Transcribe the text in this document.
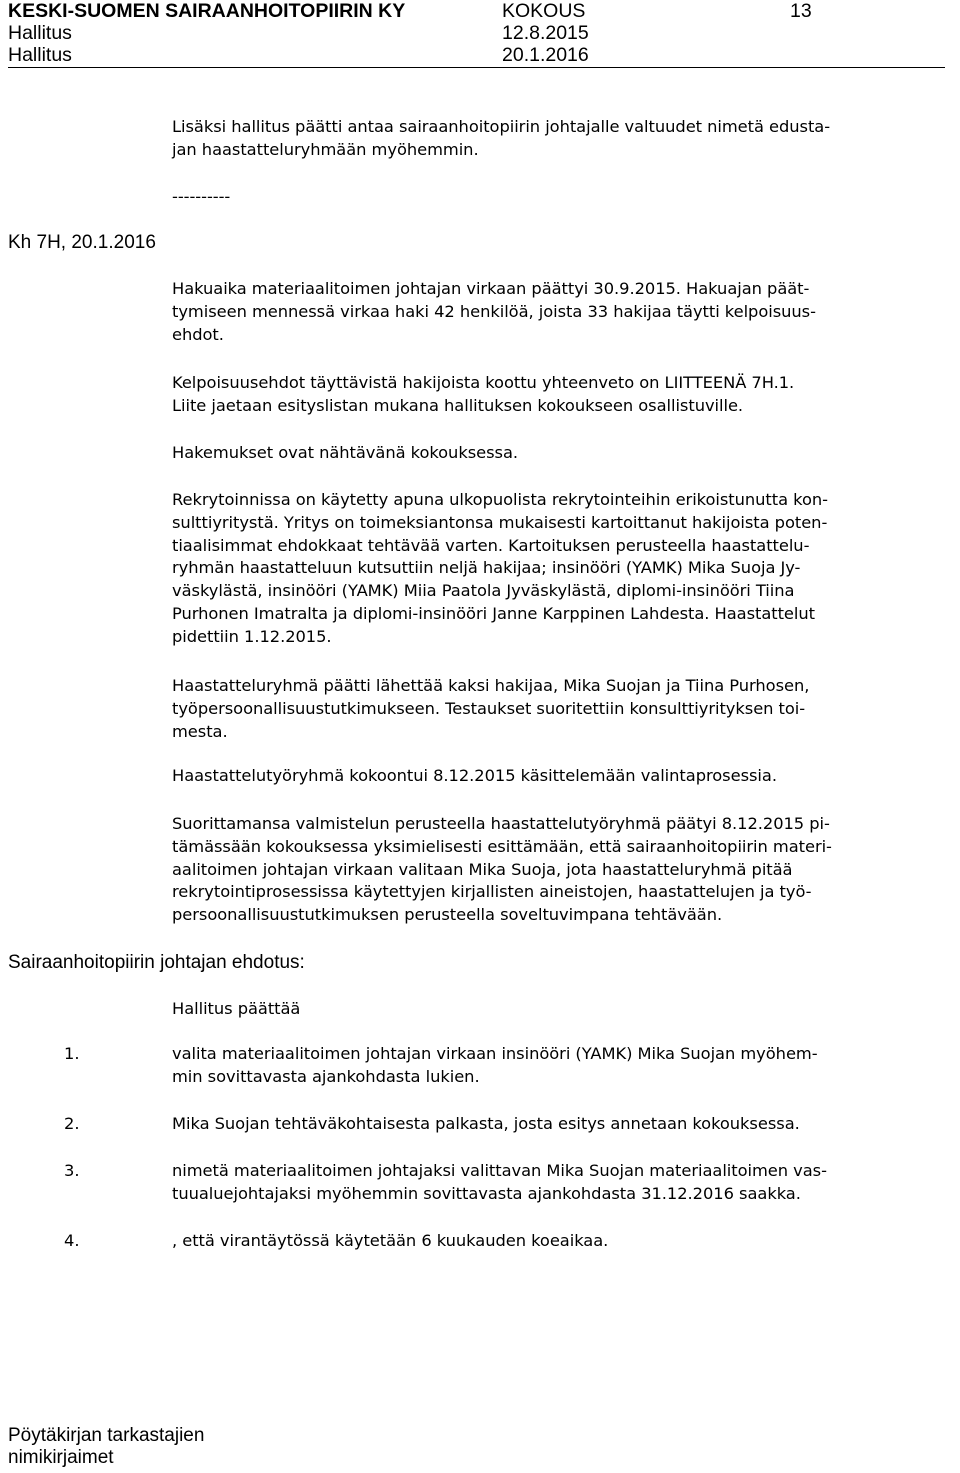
KESKI-SUOMEN SAIRAANHOITOPIIRIN KY	KOKOUS	13
Hallitus	12.8.2015
Hallitus	20.1.2016
Lisäksi hallitus päätti antaa sairaanhoitopiirin johtajalle valtuudet nimetä edusta-
jan haastatteluryhmään myöhemmin.
----------
Kh 7H, 20.1.2016
Hakuaika materiaalitoimen johtajan virkaan päättyi 30.9.2015. Hakuajan päät-
tymiseen mennessä virkaa haki 42 henkilöä, joista 33 hakijaa täytti kelpoisuus-
ehdot.
Kelpoisuusehdot täyttävistä hakijoista koottu yhteenveto on LIITTEENÄ 7H.1.
Liite jaetaan esityslistan mukana hallituksen kokoukseen osallistuville.
Hakemukset ovat nähtävänä kokouksessa.
Rekrytoinnissa on käytetty apuna ulkopuolista rekrytointeihin erikoistunutta kon-
sulttiyritystä. Yritys on toimeksiantonsa mukaisesti kartoittanut hakijoista poten-
tiaalisimmat ehdokkaat tehtävää varten. Kartoituksen perusteella haastattelu-
ryhmän haastatteluun kutsuttiin neljä hakijaa; insinööri (YAMK) Mika Suoja Jy-
väskylästä, insinööri (YAMK) Miia Paatola Jyväskylästä, diplomi-insinööri Tiina
Purhonen Imatralta ja diplomi-insinööri Janne Karppinen Lahdesta. Haastattelut
pidettiin 1.12.2015.
Haastatteluryhmä päätti lähettää kaksi hakijaa, Mika Suojan ja Tiina Purhosen,
työpersoonallisuustutkimukseen. Testaukset suoritettiin konsulttiyrityksen toi-
mesta.
Haastattelutyöryhmä kokoontui 8.12.2015 käsittelemään valintaprosessia.
Suorittamansa valmistelun perusteella haastattelutyöryhmä päätyi 8.12.2015 pi-
tämässään kokouksessa yksimielisesti esittämään, että sairaanhoitopiirin materi-
aalitoimen johtajan virkaan valitaan Mika Suoja, jota haastatteluryhmä pitää
rekrytointiprosessissa käytettyjen kirjallisten aineistojen, haastattelujen ja työ-
persoonallisuustutkimuksen perusteella soveltuvimpana tehtävään.
Sairaanhoitopiirin johtajan ehdotus:
Hallitus päättää
1.	valita materiaalitoimen johtajan virkaan insinööri (YAMK) Mika Suojan myöhem-
min sovittavasta ajankohdasta lukien.
2.	Mika Suojan tehtäväkohtaisesta palkasta, josta esitys annetaan kokouksessa.
3.	nimetä materiaalitoimen johtajaksi valittavan Mika Suojan materiaalitoimen vas-
tuualuejohtajaksi myöhemmin sovittavasta ajankohdasta 31.12.2016 saakka.
4.	, että virantäytössä käytetään 6 kuukauden koeaikaa.
Pöytäkirjan tarkastajien
nimikirjaimet
